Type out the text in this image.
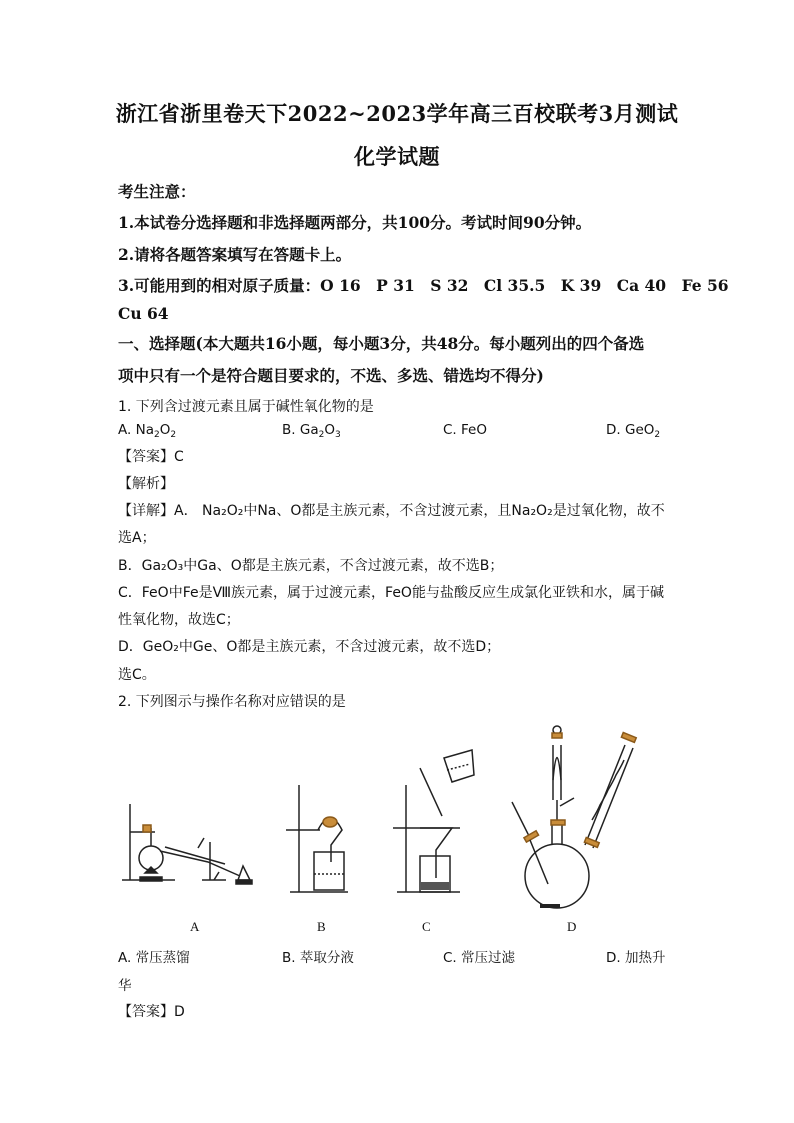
浙江省浙里卷天下2022~2023学年高三百校联考3月测试
化学试题
考生注意：
1.本试卷分选择题和非选择题两部分，共100分。考试时间90分钟。
2.请将各题答案填写在答题卡上。
3.可能用到的相对原子质量：O 16　P 31　S 32　Cl 35.5　K 39　Ca 40　Fe 56
Cu 64
一、选择题(本大题共16小题，每小题3分，共48分。每小题列出的四个备选
项中只有一个是符合题目要求的，不选、多选、错选均不得分)
1. 下列含过渡元素且属于碱性氧化物的是
A. $Na_2O_2$	B. $Ga_2O_3$	C. FeO	D. GeO$_2$
【答案】C
【解析】
【详解】A． Na₂O₂中Na、O都是主族元素，不含过渡元素，且Na₂O₂是过氧化物，故不
选A；
B．Ga₂O₃中Ga、O都是主族元素，不含过渡元素，故不选B；
C．FeO中Fe是Ⅷ族元素，属于过渡元素，FeO能与盐酸反应生成氯化亚铁和水，属于碱
性氧化物，故选C；
D．GeO₂中Ge、O都是主族元素，不含过渡元素，故不选D；
选C。
2. 下列图示与操作名称对应错误的是
A	B	C	D
A. 常压蒸馏	B. 萃取分液	C. 常压过滤	D. 加热升
华
【答案】D
